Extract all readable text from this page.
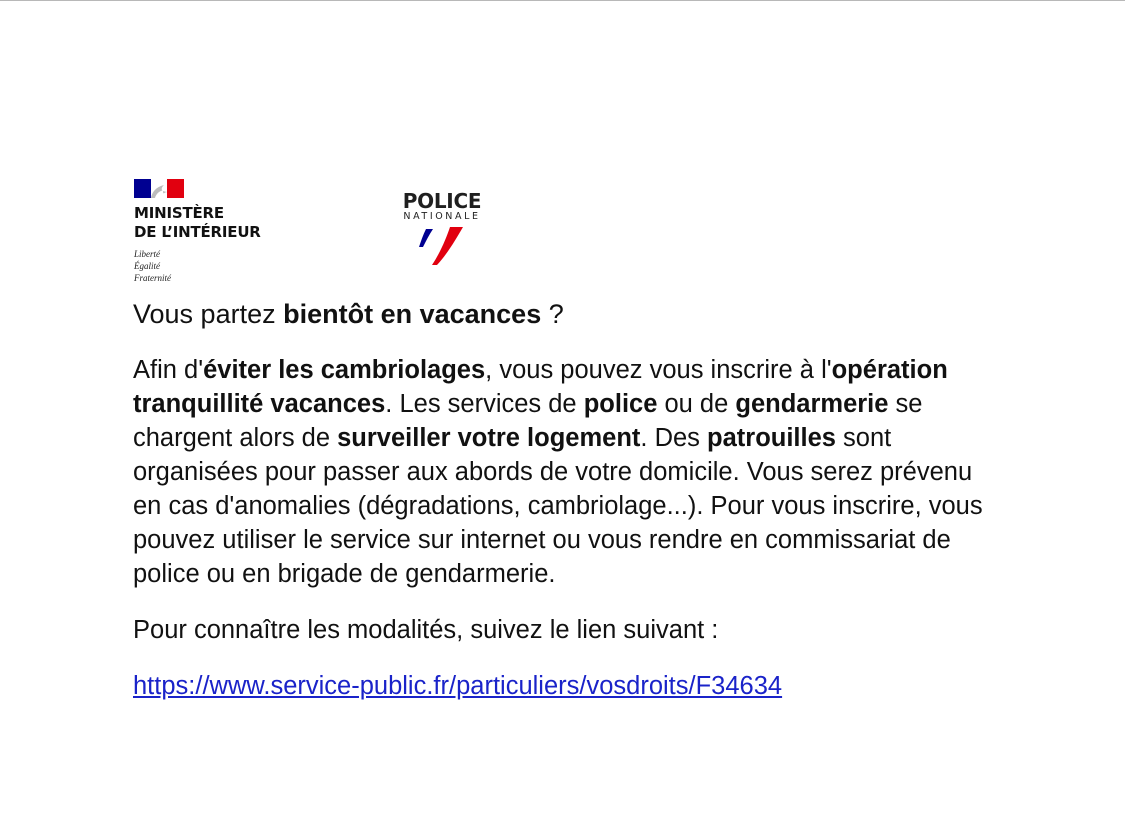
MINISTÈRE
DE L’INTÉRIEUR
Liberté
Égalité
Fraternité
POLICE
NATIONALE

Vous partez bientôt en vacances ?

Afin d'éviter les cambriolages, vous pouvez vous inscrire à l'opération tranquillité vacances. Les services de police ou de gendarmerie se chargent alors de surveiller votre logement. Des patrouilles sont organisées pour passer aux abords de votre domicile. Vous serez prévenu en cas d'anomalies (dégradations, cambriolage...). Pour vous inscrire, vous pouvez utiliser le service sur internet ou vous rendre en commissariat de police ou en brigade de gendarmerie.

Pour connaître les modalités, suivez le lien suivant :

https://www.service-public.fr/particuliers/vosdroits/F34634
